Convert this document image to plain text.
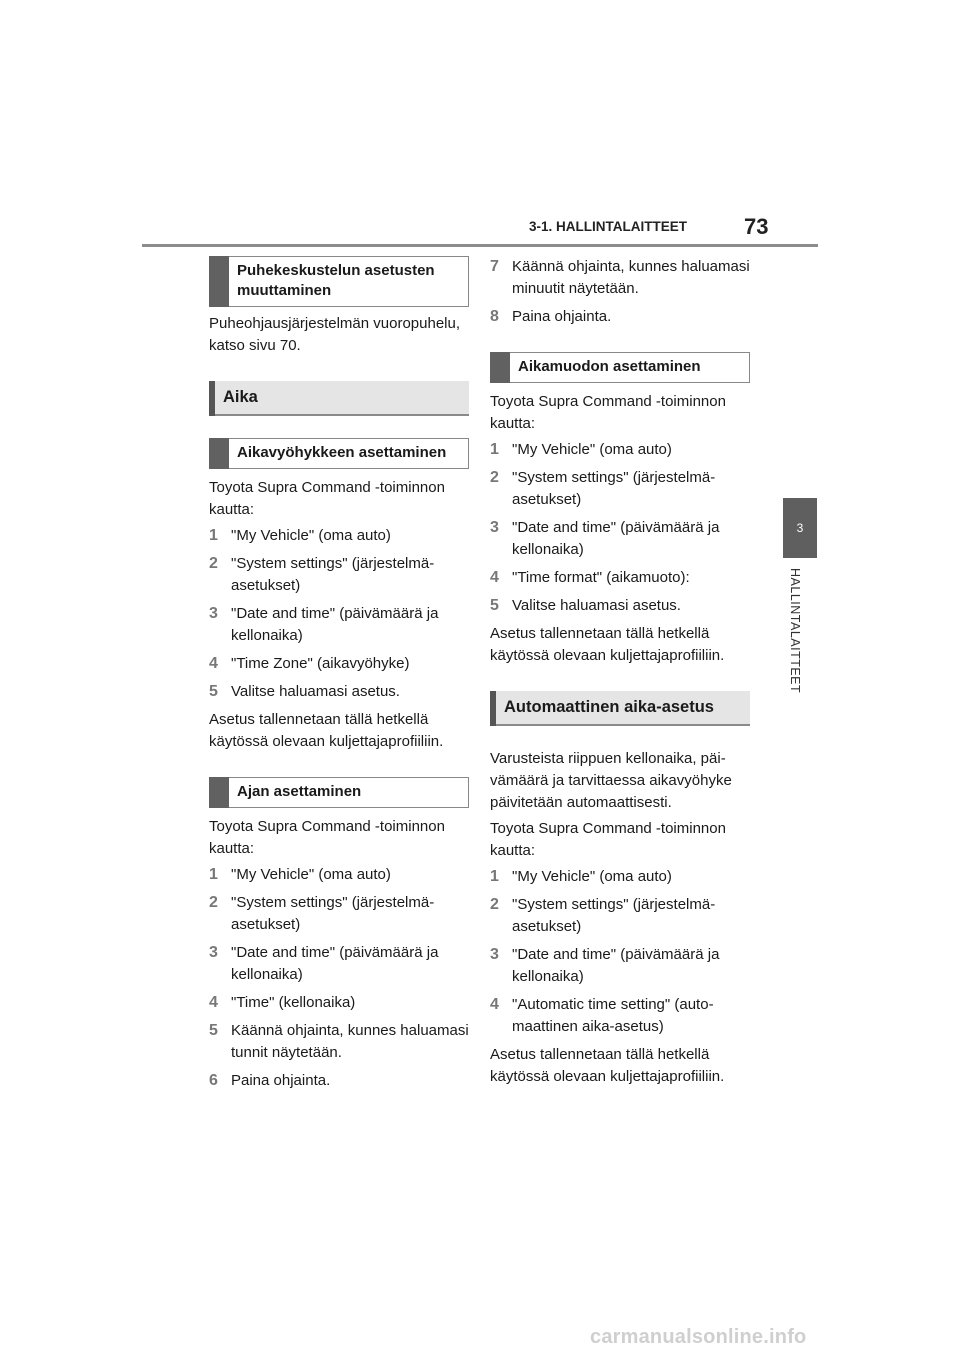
3-1. HALLINTALAITTEET	73
3
HALLINTALAITTEET
Puhekeskustelun asetusten muuttaminen

Puheohjausjärjestelmän vuoropuhelu, katso sivu 70.

Aika
Aikavyöhykkeen asettaminen

Toyota Supra Command -toiminnon kautta:

1 "My Vehicle" (oma auto)
2 "System settings" (järjestelmäasetukset)
3 "Date and time" (päivämäärä ja kellonaika)
4 "Time Zone" (aikavyöhyke)
5 Valitse haluamasi asetus.

Asetus tallennetaan tällä hetkellä käytössä olevaan kuljettajaprofiiliin.

Ajan asettaminen

Toyota Supra Command -toiminnon kautta:

1 "My Vehicle" (oma auto)
2 "System settings" (järjestelmäasetukset)
3 "Date and time" (päivämäärä ja kellonaika)
4 "Time" (kellonaika)
5 Käännä ohjainta, kunnes haluamasi tunnit näytetään.
6 Paina ohjainta.
7 Käännä ohjainta, kunnes haluamasi minuutit näytetään.
8 Paina ohjainta.
Aikamuodon asettaminen

Toyota Supra Command -toiminnon kautta:

1 "My Vehicle" (oma auto)
2 "System settings" (järjestelmäasetukset)
3 "Date and time" (päivämäärä ja kellonaika)
4 "Time format" (aikamuoto):
5 Valitse haluamasi asetus.

Asetus tallennetaan tällä hetkellä käytössä olevaan kuljettajaprofiiliin.

Automaattinen aika-asetus

Varusteista riippuen kellonaika, päivämäärä ja tarvittaessa aikavyöhyke päivitetään automaattisesti.

Toyota Supra Command -toiminnon kautta:

1 "My Vehicle" (oma auto)
2 "System settings" (järjestelmäasetukset)
3 "Date and time" (päivämäärä ja kellonaika)
4 "Automatic time setting" (automaattinen aika-asetus)

Asetus tallennetaan tällä hetkellä käytössä olevaan kuljettajaprofiiliin.

carmanualsonline.info
